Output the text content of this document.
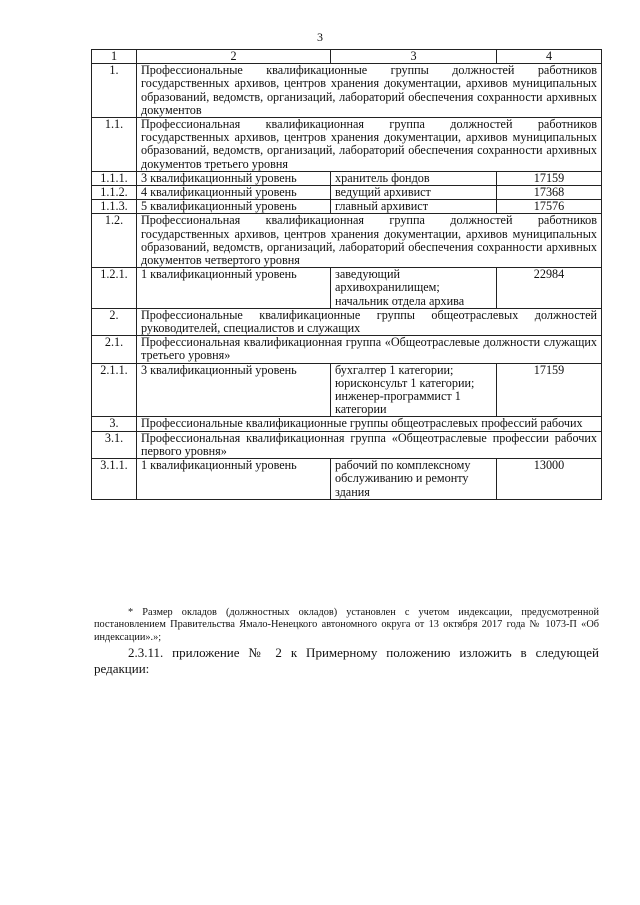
3
1	2	3	4
1.	Профессиональные квалификационные группы должностей работников государственных архивов, центров хранения документации, архивов муниципальных образований, ведомств, организаций, лабораторий обеспечения сохранности архивных документов		
1.1.	Профессиональная квалификационная группа должностей работников государственных архивов, центров хранения документации, архивов муниципальных образований, ведомств, организаций, лабораторий обеспечения сохранности архивных документов третьего уровня		
1.1.1.	3 квалификационный уровень	хранитель фондов	17159
1.1.2.	4 квалификационный уровень	ведущий архивист	17368
1.1.3.	5 квалификационный уровень	главный архивист	17576
1.2.	Профессиональная квалификационная группа должностей работников государственных архивов, центров хранения документации, архивов муниципальных образований, ведомств, организаций, лабораторий обеспечения сохранности архивных документов четвертого уровня		
1.2.1.	1 квалификационный уровень	заведующий архивохранилищем; начальник отдела архива	22984
2.	Профессиональные квалификационные группы общеотраслевых должностей руководителей, специалистов и служащих		
2.1.	Профессиональная квалификационная группа «Общеотраслевые должности служащих третьего уровня»		
2.1.1.	3 квалификационный уровень	бухгалтер 1 категории; юрисконсульт 1 категории; инженер-программист 1 категории	17159
3.	Профессиональные квалификационные группы общеотраслевых профессий рабочих		
3.1.	Профессиональная квалификационная группа «Общеотраслевые профессии рабочих первого уровня»		
3.1.1.	1 квалификационный уровень	рабочий по комплексному обслуживанию и ремонту здания	13000

* Размер окладов (должностных окладов) установлен с учетом индексации, предусмотренной постановлением Правительства Ямало-Ненецкого автономного округа от 13 октября 2017 года № 1073-П «Об индексации».»;

2.3.11. приложение № 2 к Примерному положению изложить в следующей редакции:
